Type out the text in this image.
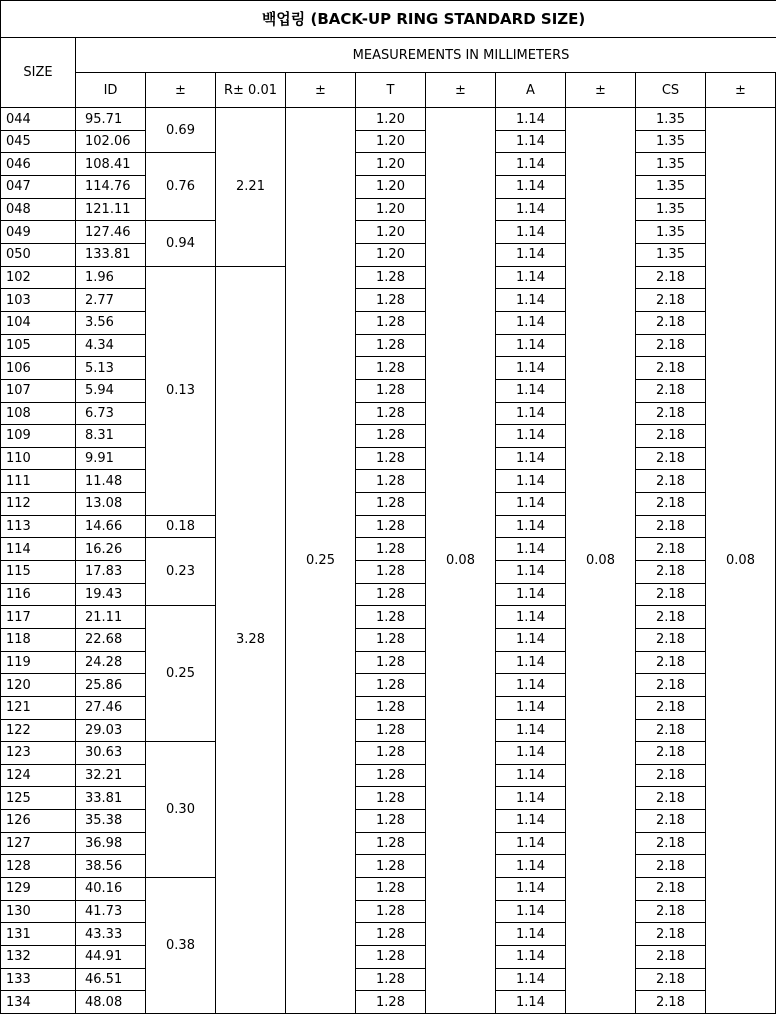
백업링 (BACK-UP RING STANDARD SIZE)										
SIZE	MEASUREMENTS IN MILLIMETERS									
	ID	±	R± 0.01	±	T	±	A	±	CS	±
044	95.71	0.69	2.21	0.25	1.20	0.08	1.14	0.08	1.35	0.08
045	102.06				1.20		1.14		1.35	
046	108.41	0.76			1.20		1.14		1.35	
047	114.76				1.20		1.14		1.35	
048	121.11				1.20		1.14		1.35	
049	127.46	0.94			1.20		1.14		1.35	
050	133.81				1.20		1.14		1.35	
102	1.96	0.13	3.28		1.28		1.14		2.18	
103	2.77				1.28		1.14		2.18	
104	3.56				1.28		1.14		2.18	
105	4.34				1.28		1.14		2.18	
106	5.13				1.28		1.14		2.18	
107	5.94				1.28		1.14		2.18	
108	6.73				1.28		1.14		2.18	
109	8.31				1.28		1.14		2.18	
110	9.91				1.28		1.14		2.18	
111	11.48				1.28		1.14		2.18	
112	13.08				1.28		1.14		2.18	
113	14.66	0.18			1.28		1.14		2.18	
114	16.26	0.23			1.28		1.14		2.18	
115	17.83				1.28		1.14		2.18	
116	19.43				1.28		1.14		2.18	
117	21.11	0.25			1.28		1.14		2.18	
118	22.68				1.28		1.14		2.18	
119	24.28				1.28		1.14		2.18	
120	25.86				1.28		1.14		2.18	
121	27.46				1.28		1.14		2.18	
122	29.03				1.28		1.14		2.18	
123	30.63	0.30			1.28		1.14		2.18	
124	32.21				1.28		1.14		2.18	
125	33.81				1.28		1.14		2.18	
126	35.38				1.28		1.14		2.18	
127	36.98				1.28		1.14		2.18	
128	38.56				1.28		1.14		2.18	
129	40.16	0.38			1.28		1.14		2.18	
130	41.73				1.28		1.14		2.18	
131	43.33				1.28		1.14		2.18	
132	44.91				1.28		1.14		2.18	
133	46.51				1.28		1.14		2.18	
134	48.08				1.28		1.14		2.18	
